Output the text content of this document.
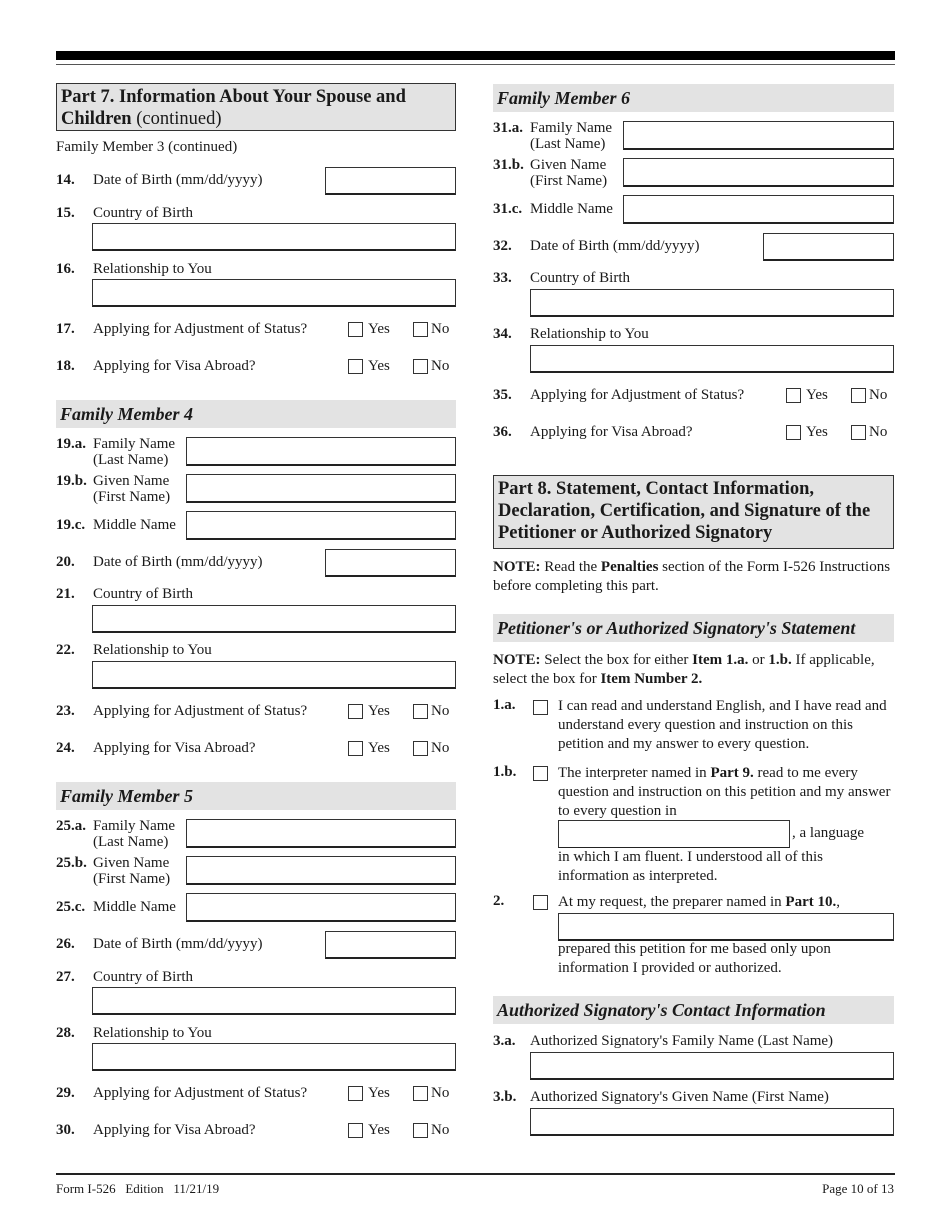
Part 7. Information About Your Spouse and Children (continued)
Family Member 3 (continued)
14. Date of Birth (mm/dd/yyyy)
15. Country of Birth
16. Relationship to You
17. Applying for Adjustment of Status?	Yes	No
18. Applying for Visa Abroad?	Yes	No
Family Member 4
19.a. Family Name
(Last Name)
19.b. Given Name
(First Name)
19.c. Middle Name
20. Date of Birth (mm/dd/yyyy)
21. Country of Birth
22. Relationship to You
23. Applying for Adjustment of Status?	Yes	No
24. Applying for Visa Abroad?	Yes	No
Family Member 5
25.a. Family Name
(Last Name)
25.b. Given Name
(First Name)
25.c. Middle Name
26. Date of Birth (mm/dd/yyyy)
27. Country of Birth
28. Relationship to You
29. Applying for Adjustment of Status?	Yes	No
30. Applying for Visa Abroad?	Yes	No
Family Member 6
31.a. Family Name
(Last Name)
31.b. Given Name
(First Name)
31.c. Middle Name
32. Date of Birth (mm/dd/yyyy)
33. Country of Birth
34. Relationship to You
35. Applying for Adjustment of Status?	Yes	No
36. Applying for Visa Abroad?	Yes	No
Part 8. Statement, Contact Information, Declaration, Certification, and Signature of the Petitioner or Authorized Signatory
NOTE: Read the Penalties section of the Form I-526 Instructions before completing this part.
Petitioner's or Authorized Signatory's Statement
NOTE: Select the box for either Item 1.a. or 1.b. If applicable, select the box for Item Number 2.
1.a.	I can read and understand English, and I have read and understand every question and instruction on this petition and my answer to every question.
1.b.	The interpreter named in Part 9. read to me every question and instruction on this petition and my answer to every question in
, a language
in which I am fluent. I understood all of this information as interpreted.
2.	At my request, the preparer named in Part 10.,
prepared this petition for me based only upon information I provided or authorized.
Authorized Signatory's Contact Information
3.a. Authorized Signatory's Family Name (Last Name)
3.b. Authorized Signatory's Given Name (First Name)
Form I-526   Edition   11/21/19	Page 10 of 13
